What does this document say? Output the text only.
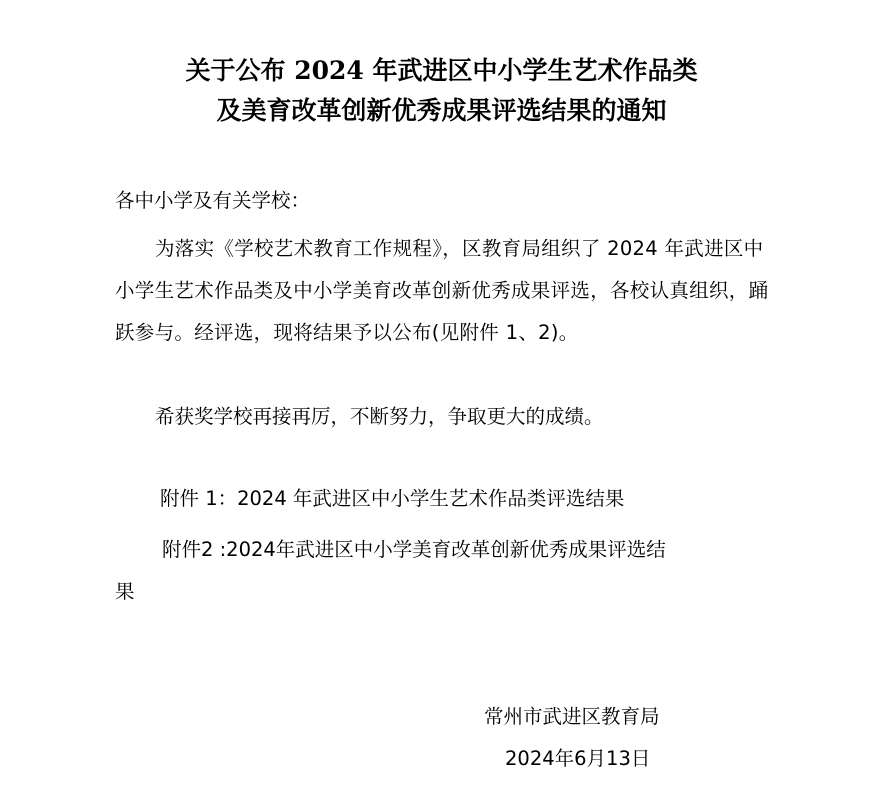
关于公布 2024 年武进区中小学生艺术作品类
及美育改革创新优秀成果评选结果的通知
各中小学及有关学校：
为落实《学校艺术教育工作规程》，区教育局组织了 2024 年武进区中小学生艺术作品类及中小学美育改革创新优秀成果评选，各校认真组织，踊跃参与。经评选，现将结果予以公布(见附件 1、2)。
希获奖学校再接再厉，不断努力，争取更大的成绩。
附件 1：2024 年武进区中小学生艺术作品类评选结果
附件2 :2024年武进区中小学美育改革创新优秀成果评选结
果
常州市武进区教育局
2024年6月13日
